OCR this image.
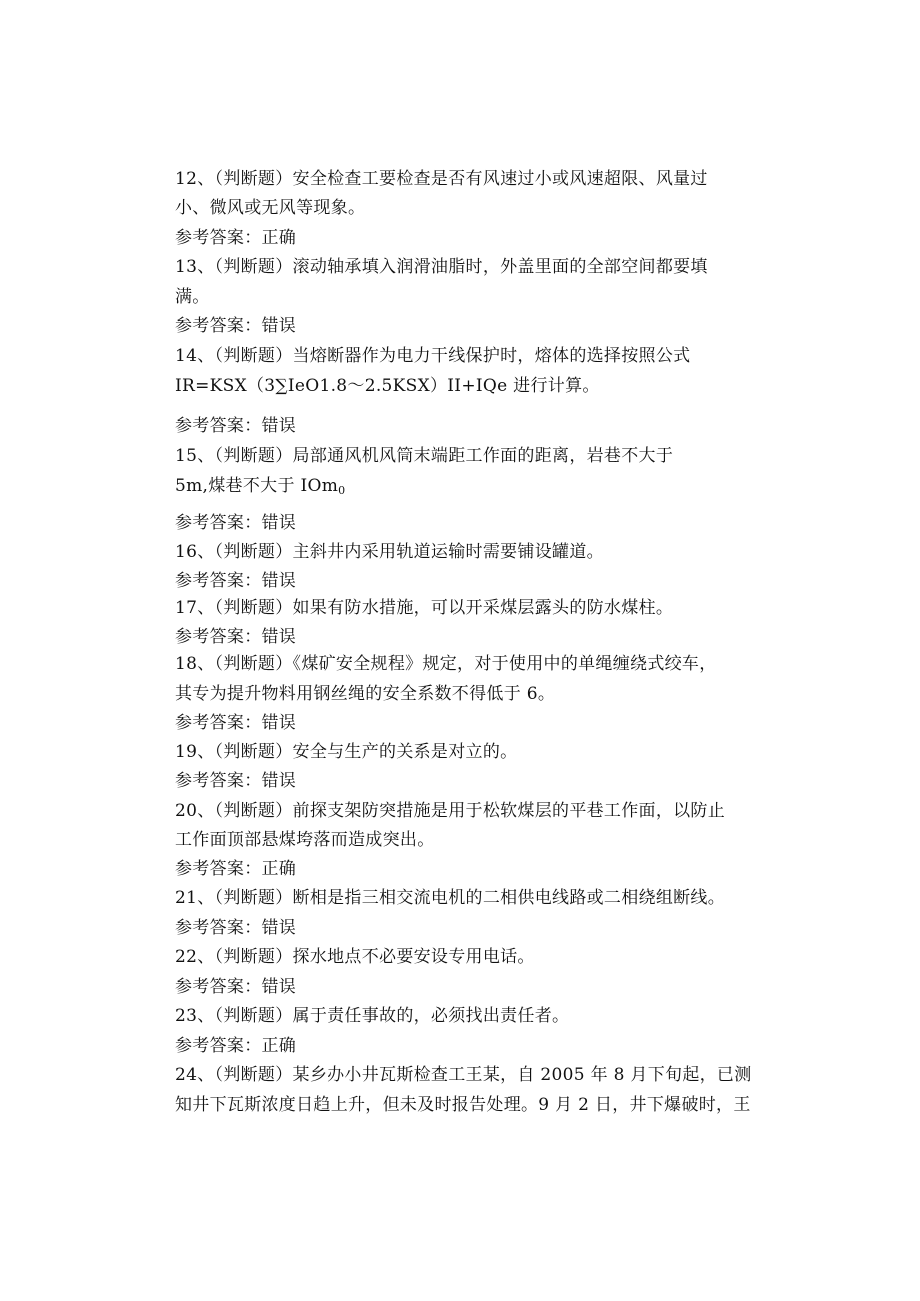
12、（判断题）安全检查工要检查是否有风速过小或风速超限、风量过
小、微风或无风等现象。
参考答案：正确
13、（判断题）滚动轴承填入润滑油脂时，外盖里面的全部空间都要填
满。
参考答案：错误
14、（判断题）当熔断器作为电力干线保护时，熔体的选择按照公式
IR=KSX（3∑IeO1.8～2.5KSX）II+IQe 进行计算。
参考答案：错误
15、（判断题）局部通风机风筒末端距工作面的距离，岩巷不大于
5m,煤巷不大于 IOm$_0$
参考答案：错误
16、（判断题）主斜井内采用轨道运输时需要铺设罐道。
参考答案：错误
17、（判断题）如果有防水措施，可以开采煤层露头的防水煤柱。
参考答案：错误
18、（判断题）《煤矿安全规程》规定，对于使用中的单绳缠绕式绞车，
其专为提升物料用钢丝绳的安全系数不得低于 6。
参考答案：错误
19、（判断题）安全与生产的关系是对立的。
参考答案：错误
20、（判断题）前探支架防突措施是用于松软煤层的平巷工作面，以防止
工作面顶部悬煤垮落而造成突出。
参考答案：正确
21、（判断题）断相是指三相交流电机的二相供电线路或二相绕组断线。
参考答案：错误
22、（判断题）探水地点不必要安设专用电话。
参考答案：错误
23、（判断题）属于责任事故的，必须找出责任者。
参考答案：正确
24、（判断题）某乡办小井瓦斯检查工王某，自 2005 年 8 月下旬起，已测
知井下瓦斯浓度日趋上升，但未及时报告处理。9 月 2 日，井下爆破时，王
